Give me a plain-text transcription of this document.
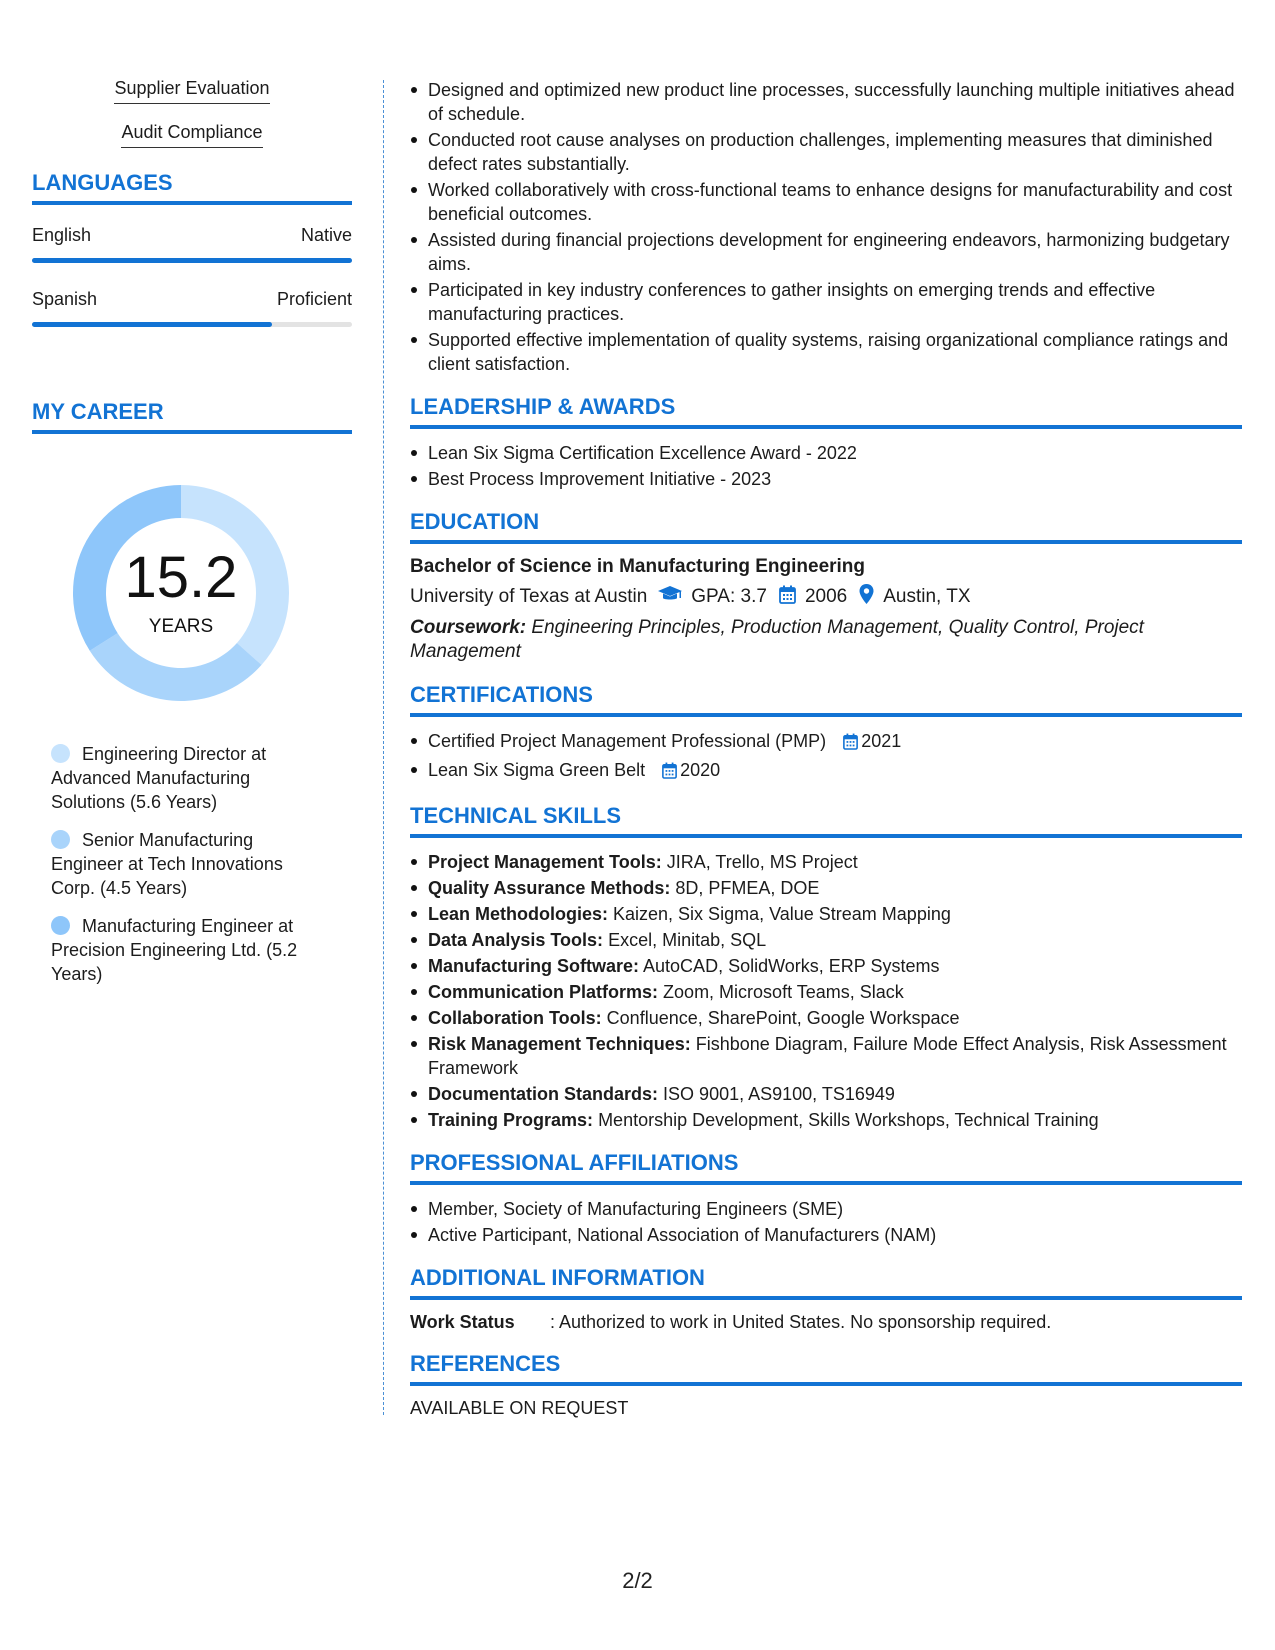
Supplier Evaluation
Audit Compliance
LANGUAGES
English	Native
Spanish	Proficient
MY CAREER
15.2
YEARS
Engineering Director at Advanced Manufacturing Solutions (5.6 Years)
Senior Manufacturing Engineer at Tech Innovations Corp. (4.5 Years)
Manufacturing Engineer at Precision Engineering Ltd. (5.2 Years)
Designed and optimized new product line processes, successfully launching multiple initiatives ahead of schedule.
Conducted root cause analyses on production challenges, implementing measures that diminished defect rates substantially.
Worked collaboratively with cross-functional teams to enhance designs for manufacturability and cost beneficial outcomes.
Assisted during financial projections development for engineering endeavors, harmonizing budgetary aims.
Participated in key industry conferences to gather insights on emerging trends and effective manufacturing practices.
Supported effective implementation of quality systems, raising organizational compliance ratings and client satisfaction.
LEADERSHIP & AWARDS
Lean Six Sigma Certification Excellence Award - 2022
Best Process Improvement Initiative - 2023
EDUCATION
Bachelor of Science in Manufacturing Engineering
University of Texas at Austin GPA: 3.7 2006 Austin, TX
Coursework: Engineering Principles, Production Management, Quality Control, Project Management
CERTIFICATIONS
Certified Project Management Professional (PMP) 2021
Lean Six Sigma Green Belt 2020
TECHNICAL SKILLS
Project Management Tools: JIRA, Trello, MS Project
Quality Assurance Methods: 8D, PFMEA, DOE
Lean Methodologies: Kaizen, Six Sigma, Value Stream Mapping
Data Analysis Tools: Excel, Minitab, SQL
Manufacturing Software: AutoCAD, SolidWorks, ERP Systems
Communication Platforms: Zoom, Microsoft Teams, Slack
Collaboration Tools: Confluence, SharePoint, Google Workspace
Risk Management Techniques: Fishbone Diagram, Failure Mode Effect Analysis, Risk Assessment Framework
Documentation Standards: ISO 9001, AS9100, TS16949
Training Programs: Mentorship Development, Skills Workshops, Technical Training
PROFESSIONAL AFFILIATIONS
Member, Society of Manufacturing Engineers (SME)
Active Participant, National Association of Manufacturers (NAM)
ADDITIONAL INFORMATION
Work Status	: Authorized to work in United States. No sponsorship required.
REFERENCES
AVAILABLE ON REQUEST
2/2
